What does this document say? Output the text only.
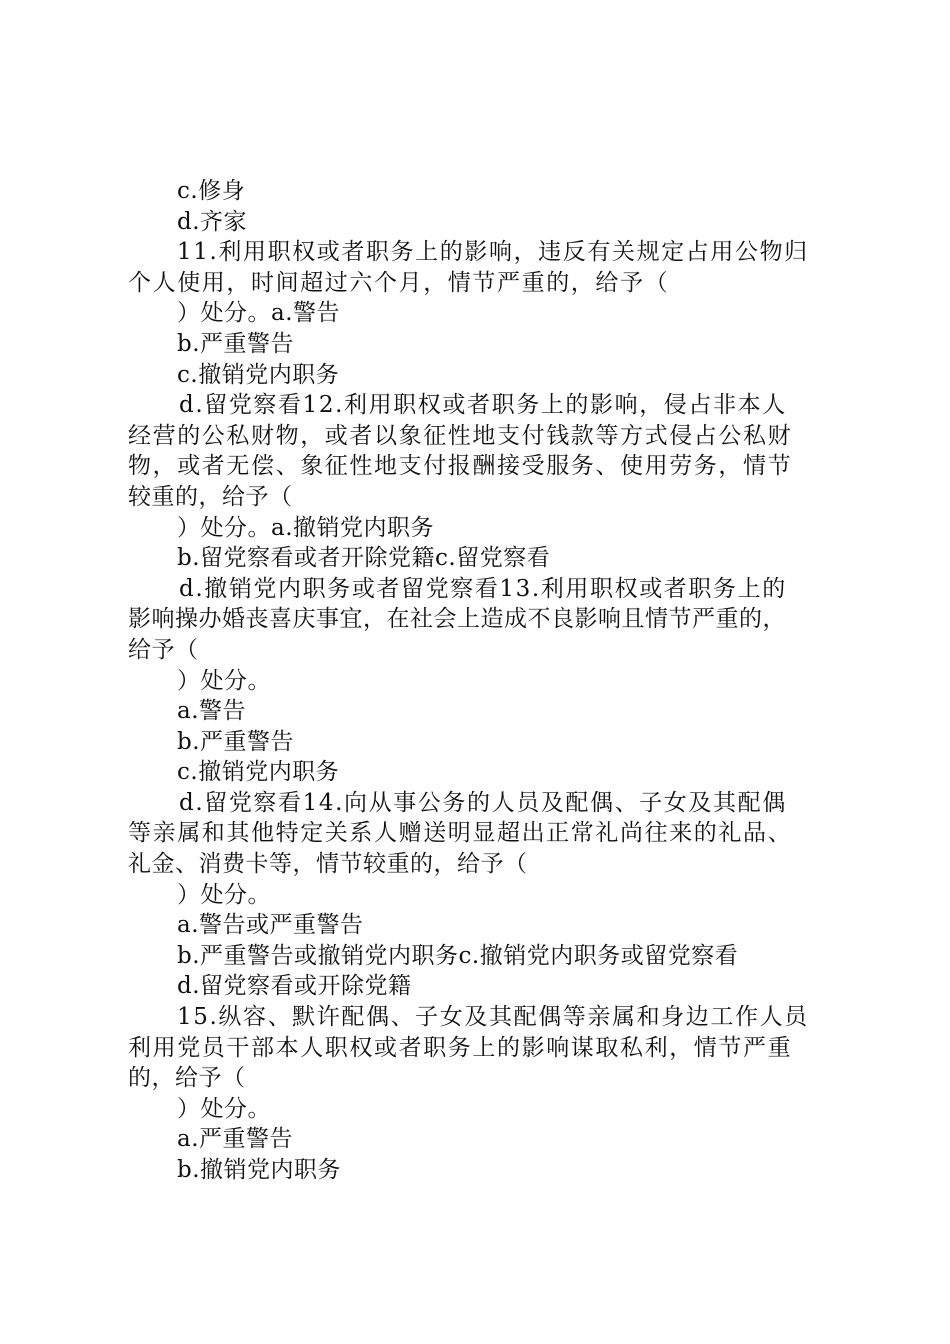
c.修身
d.齐家
11.利用职权或者职务上的影响，违反有关规定占用公物归
个人使用，时间超过六个月，情节严重的，给予（
）处分。a.警告
b.严重警告
c.撤销党内职务
d.留党察看12.利用职权或者职务上的影响，侵占非本人
经营的公私财物，或者以象征性地支付钱款等方式侵占公私财
物，或者无偿、象征性地支付报酬接受服务、使用劳务，情节
较重的，给予（
）处分。a.撤销党内职务
b.留党察看或者开除党籍c.留党察看
d.撤销党内职务或者留党察看13.利用职权或者职务上的
影响操办婚丧喜庆事宜，在社会上造成不良影响且情节严重的，
给予（
）处分。
a.警告
b.严重警告
c.撤销党内职务
d.留党察看14.向从事公务的人员及配偶、子女及其配偶
等亲属和其他特定关系人赠送明显超出正常礼尚往来的礼品、
礼金、消费卡等，情节较重的，给予（
）处分。
a.警告或严重警告
b.严重警告或撤销党内职务c.撤销党内职务或留党察看
d.留党察看或开除党籍
15.纵容、默许配偶、子女及其配偶等亲属和身边工作人员
利用党员干部本人职权或者职务上的影响谋取私利，情节严重
的，给予（
）处分。
a.严重警告
b.撤销党内职务
